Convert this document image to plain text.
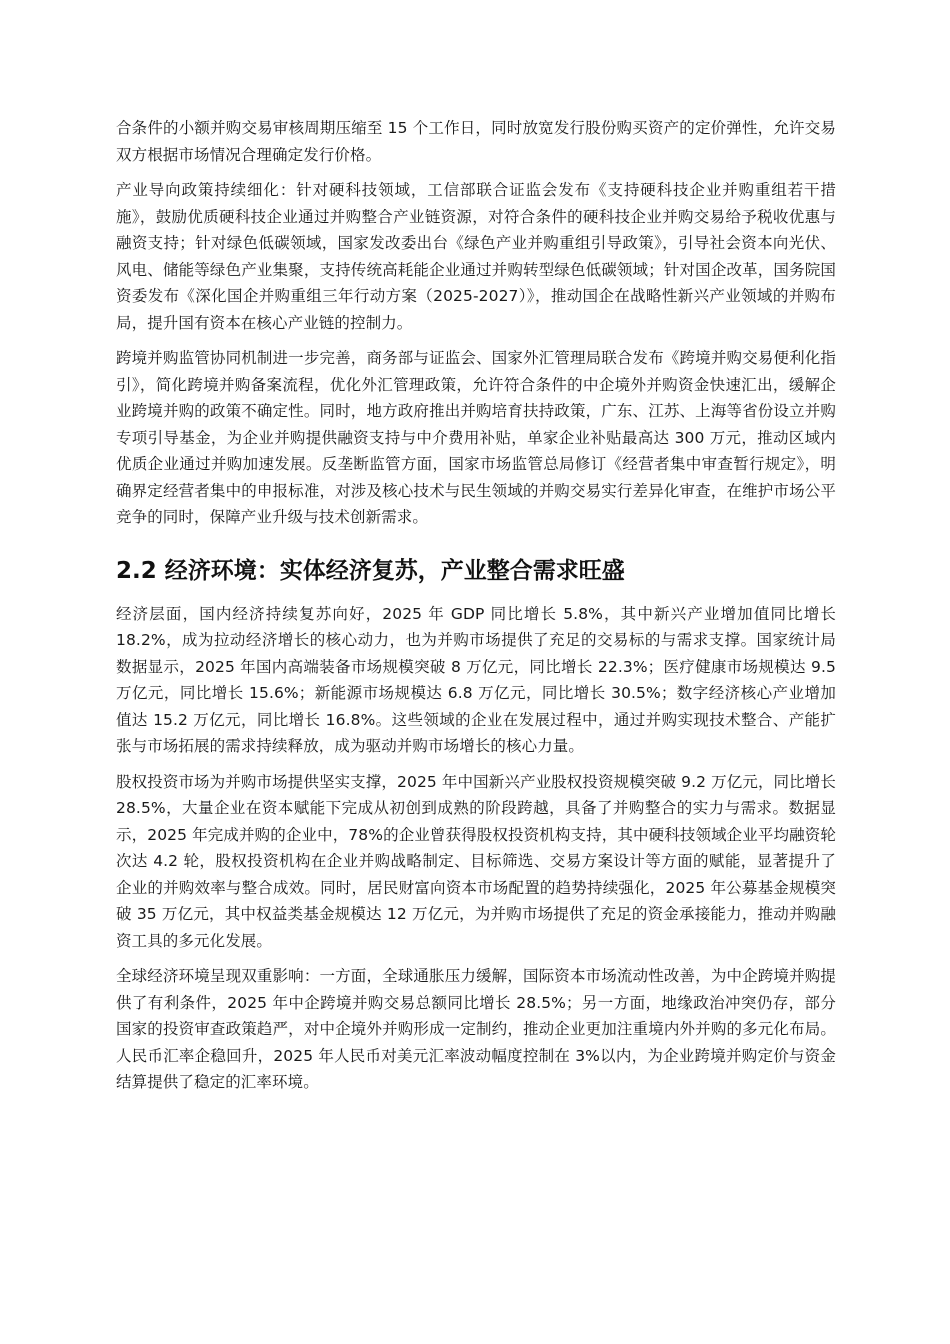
合条件的小额并购交易审核周期压缩至 15 个工作日，同时放宽发行股份购买资产的定价弹性，允许交易双方根据市场情况合理确定发行价格。

产业导向政策持续细化：针对硬科技领域，工信部联合证监会发布《支持硬科技企业并购重组若干措施》，鼓励优质硬科技企业通过并购整合产业链资源，对符合条件的硬科技企业并购交易给予税收优惠与融资支持；针对绿色低碳领域，国家发改委出台《绿色产业并购重组引导政策》，引导社会资本向光伏、风电、储能等绿色产业集聚，支持传统高耗能企业通过并购转型绿色低碳领域；针对国企改革，国务院国资委发布《深化国企并购重组三年行动方案（2025-2027）》，推动国企在战略性新兴产业领域的并购布局，提升国有资本在核心产业链的控制力。

跨境并购监管协同机制进一步完善，商务部与证监会、国家外汇管理局联合发布《跨境并购交易便利化指引》，简化跨境并购备案流程，优化外汇管理政策，允许符合条件的中企境外并购资金快速汇出，缓解企业跨境并购的政策不确定性。同时，地方政府推出并购培育扶持政策，广东、江苏、上海等省份设立并购专项引导基金，为企业并购提供融资支持与中介费用补贴，单家企业补贴最高达 300 万元，推动区域内优质企业通过并购加速发展。反垄断监管方面，国家市场监管总局修订《经营者集中审查暂行规定》，明确界定经营者集中的申报标准，对涉及核心技术与民生领域的并购交易实行差异化审查，在维护市场公平竞争的同时，保障产业升级与技术创新需求。

2.2 经济环境：实体经济复苏，产业整合需求旺盛

经济层面，国内经济持续复苏向好，2025 年 GDP 同比增长 5.8%，其中新兴产业增加值同比增长 18.2%，成为拉动经济增长的核心动力，也为并购市场提供了充足的交易标的与需求支撑。国家统计局数据显示，2025 年国内高端装备市场规模突破 8 万亿元，同比增长 22.3%；医疗健康市场规模达 9.5 万亿元，同比增长 15.6%；新能源市场规模达 6.8 万亿元，同比增长 30.5%；数字经济核心产业增加值达 15.2 万亿元，同比增长 16.8%。这些领域的企业在发展过程中，通过并购实现技术整合、产能扩张与市场拓展的需求持续释放，成为驱动并购市场增长的核心力量。

股权投资市场为并购市场提供坚实支撑，2025 年中国新兴产业股权投资规模突破 9.2 万亿元，同比增长 28.5%，大量企业在资本赋能下完成从初创到成熟的阶段跨越，具备了并购整合的实力与需求。数据显示，2025 年完成并购的企业中，78%的企业曾获得股权投资机构支持，其中硬科技领域企业平均融资轮次达 4.2 轮，股权投资机构在企业并购战略制定、目标筛选、交易方案设计等方面的赋能，显著提升了企业的并购效率与整合成效。同时，居民财富向资本市场配置的趋势持续强化，2025 年公募基金规模突破 35 万亿元，其中权益类基金规模达 12 万亿元，为并购市场提供了充足的资金承接能力，推动并购融资工具的多元化发展。

全球经济环境呈现双重影响：一方面，全球通胀压力缓解，国际资本市场流动性改善，为中企跨境并购提供了有利条件，2025 年中企跨境并购交易总额同比增长 28.5%；另一方面，地缘政治冲突仍存，部分国家的投资审查政策趋严，对中企境外并购形成一定制约，推动企业更加注重境内外并购的多元化布局。人民币汇率企稳回升，2025 年人民币对美元汇率波动幅度控制在 3%以内，为企业跨境并购定价与资金结算提供了稳定的汇率环境。
